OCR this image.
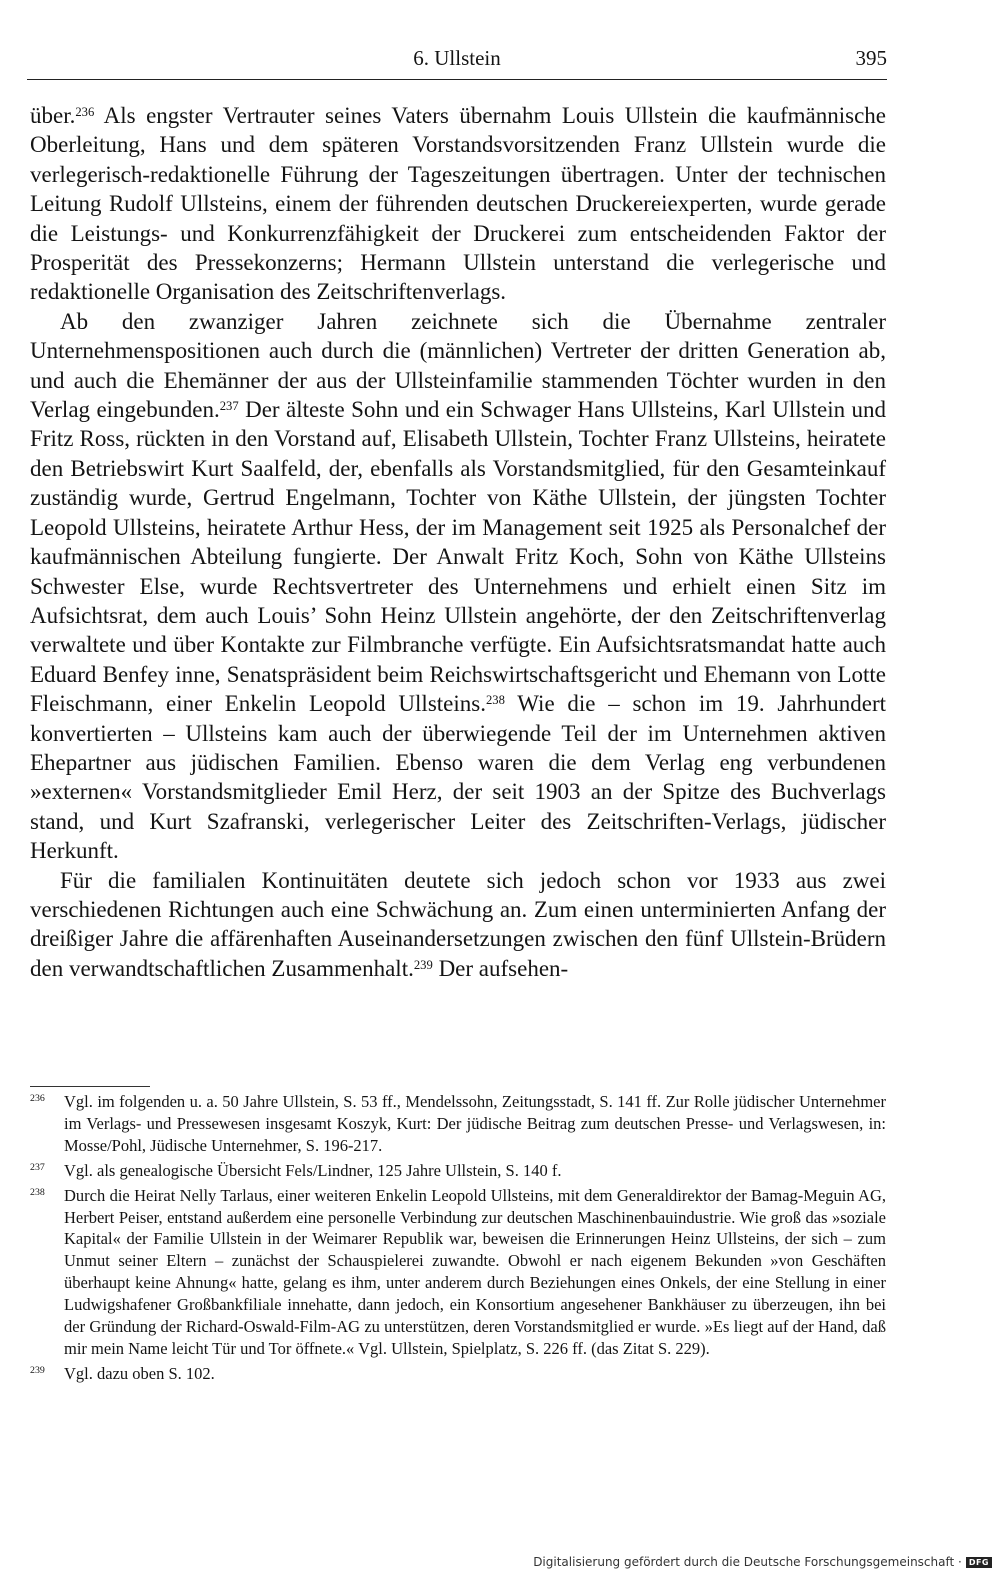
6. Ullstein	395

über.$^{236}$ Als engster Vertrauter seines Vaters übernahm Louis Ullstein die kaufmännische Oberleitung, Hans und dem späteren Vorstandsvorsitzenden Franz Ullstein wurde die verlegerisch-redaktionelle Führung der Tageszeitungen übertragen. Unter der technischen Leitung Rudolf Ullsteins, einem der führenden deutschen Druckereiexperten, wurde gerade die Leistungs- und Konkurrenzfähigkeit der Druckerei zum entscheidenden Faktor der Prosperität des Pressekonzerns; Hermann Ullstein unterstand die verlegerische und redaktionelle Organisation des Zeitschriftenverlags.

Ab den zwanziger Jahren zeichnete sich die Übernahme zentraler Unternehmenspositionen auch durch die (männlichen) Vertreter der dritten Generation ab, und auch die Ehemänner der aus der Ullsteinfamilie stammenden Töchter wurden in den Verlag eingebunden.$^{237}$ Der älteste Sohn und ein Schwager Hans Ullsteins, Karl Ullstein und Fritz Ross, rückten in den Vorstand auf, Elisabeth Ullstein, Tochter Franz Ullsteins, heiratete den Betriebswirt Kurt Saalfeld, der, ebenfalls als Vorstandsmitglied, für den Gesamteinkauf zuständig wurde, Gertrud Engelmann, Tochter von Käthe Ullstein, der jüngsten Tochter Leopold Ullsteins, heiratete Arthur Hess, der im Management seit 1925 als Personalchef der kaufmännischen Abteilung fungierte. Der Anwalt Fritz Koch, Sohn von Käthe Ullsteins Schwester Else, wurde Rechtsvertreter des Unternehmens und erhielt einen Sitz im Aufsichtsrat, dem auch Louis’ Sohn Heinz Ullstein angehörte, der den Zeitschriftenverlag verwaltete und über Kontakte zur Filmbranche verfügte. Ein Aufsichtsratsmandat hatte auch Eduard Benfey inne, Senatspräsident beim Reichswirtschaftsgericht und Ehemann von Lotte Fleischmann, einer Enkelin Leopold Ullsteins.$^{238}$ Wie die – schon im 19. Jahrhundert konvertierten – Ullsteins kam auch der überwiegende Teil der im Unternehmen aktiven Ehepartner aus jüdischen Familien. Ebenso waren die dem Verlag eng verbundenen »externen« Vorstandsmitglieder Emil Herz, der seit 1903 an der Spitze des Buchverlags stand, und Kurt Szafranski, verlegerischer Leiter des Zeitschriften-Verlags, jüdischer Herkunft.

Für die familialen Kontinuitäten deutete sich jedoch schon vor 1933 aus zwei verschiedenen Richtungen auch eine Schwächung an. Zum einen unterminierten Anfang der dreißiger Jahre die affärenhaften Auseinandersetzungen zwischen den fünf Ullstein-Brüdern den verwandtschaftlichen Zusammenhalt.$^{239}$ Der aufsehen-

236	Vgl. im folgenden u. a. 50 Jahre Ullstein, S. 53 ff., Mendelssohn, Zeitungsstadt, S. 141 ff. Zur Rolle jüdischer Unternehmer im Verlags- und Pressewesen insgesamt Koszyk, Kurt: Der jüdische Beitrag zum deutschen Presse- und Verlagswesen, in: Mosse/Pohl, Jüdische Unternehmer, S. 196-217.
237	Vgl. als genealogische Übersicht Fels/Lindner, 125 Jahre Ullstein, S. 140 f.
238	Durch die Heirat Nelly Tarlaus, einer weiteren Enkelin Leopold Ullsteins, mit dem Generaldirektor der Bamag-Meguin AG, Herbert Peiser, entstand außerdem eine personelle Verbindung zur deutschen Maschinenbauindustrie. Wie groß das »soziale Kapital« der Familie Ullstein in der Weimarer Republik war, beweisen die Erinnerungen Heinz Ullsteins, der sich – zum Unmut seiner Eltern – zunächst der Schauspielerei zuwandte. Obwohl er nach eigenem Bekunden »von Geschäften überhaupt keine Ahnung« hatte, gelang es ihm, unter anderem durch Beziehungen eines Onkels, der eine Stellung in einer Ludwigshafener Großbankfiliale innehatte, dann jedoch, ein Konsortium angesehener Bankhäuser zu überzeugen, ihn bei der Gründung der Richard-Oswald-Film-AG zu unterstützen, deren Vorstandsmitglied er wurde. »Es liegt auf der Hand, daß mir mein Name leicht Tür und Tor öffnete.« Vgl. Ullstein, Spielplatz, S. 226 ff. (das Zitat S. 229).
239	Vgl. dazu oben S. 102.
Digitalisierung gefördert durch die Deutsche Forschungsgemeinschaft · DFG
